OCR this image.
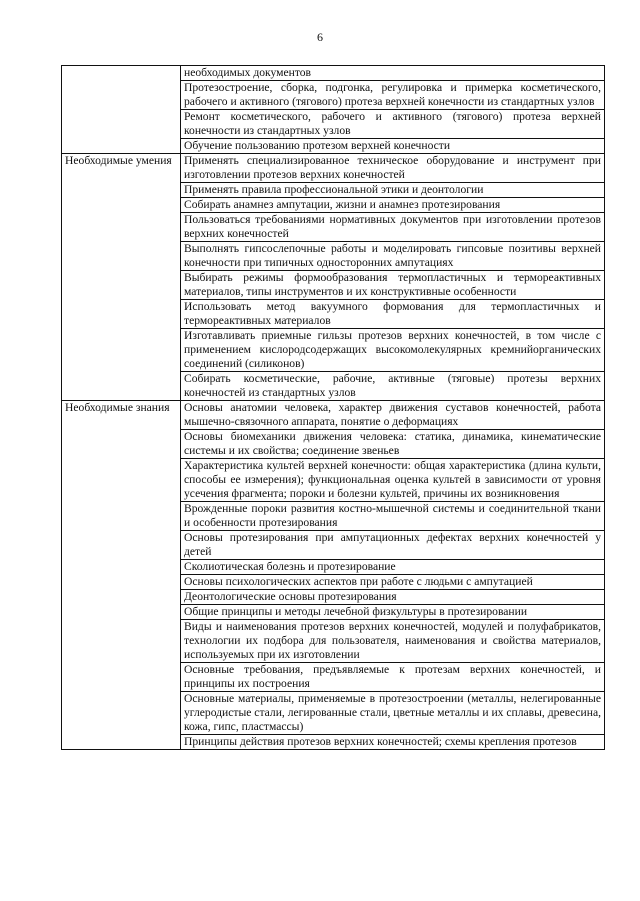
6
	необходимых документов
	Протезостроение, сборка, подгонка, регулировка и примерка косметического, рабочего и активного (тягового) протеза верхней конечности из стандартных узлов
	Ремонт косметического, рабочего и активного (тягового) протеза верхней конечности из стандартных узлов
	Обучение пользованию протезом верхней конечности
Необходимые умения	Применять специализированное техническое оборудование и инструмент при изготовлении протезов верхних конечностей
	Применять правила профессиональной этики и деонтологии
	Собирать анамнез ампутации, жизни и анамнез протезирования
	Пользоваться требованиями нормативных документов при изготовлении протезов верхних конечностей
	Выполнять гипсослепочные работы и моделировать гипсовые позитивы верхней конечности при типичных односторонних ампутациях
	Выбирать режимы формообразования термопластичных и термореактивных материалов, типы инструментов и их конструктивные особенности
	Использовать метод вакуумного формования для термопластичных и термореактивных материалов
	Изготавливать приемные гильзы протезов верхних конечностей, в том числе с применением кислородсодержащих высокомолекулярных кремнийорганических соединений (силиконов)
	Собирать косметические, рабочие, активные (тяговые) протезы верхних конечностей из стандартных узлов
Необходимые знания	Основы анатомии человека, характер движения суставов конечностей, работа мышечно-связочного аппарата, понятие о деформациях
	Основы биомеханики движения человека: статика, динамика, кинематические системы и их свойства; соединение звеньев
	Характеристика культей верхней конечности: общая характеристика (длина культи, способы ее измерения); функциональная оценка культей в зависимости от уровня усечения фрагмента; пороки и болезни культей, причины их возникновения
	Врожденные пороки развития костно-мышечной системы и соединительной ткани и особенности протезирования
	Основы протезирования при ампутационных дефектах верхних конечностей у детей
	Сколиотическая болезнь и протезирование
	Основы психологических аспектов при работе с людьми с ампутацией
	Деонтологические основы протезирования
	Общие принципы и методы лечебной физкультуры в протезировании
	Виды и наименования протезов верхних конечностей, модулей и полуфабрикатов, технологии их подбора для пользователя, наименования и свойства материалов, используемых при их изготовлении
	Основные требования, предъявляемые к протезам верхних конечностей, и принципы их построения
	Основные материалы, применяемые в протезостроении (металлы, нелегированные углеродистые стали, легированные стали, цветные металлы и их сплавы, древесина, кожа, гипс, пластмассы)
	Принципы действия протезов верхних конечностей; схемы крепления протезов
